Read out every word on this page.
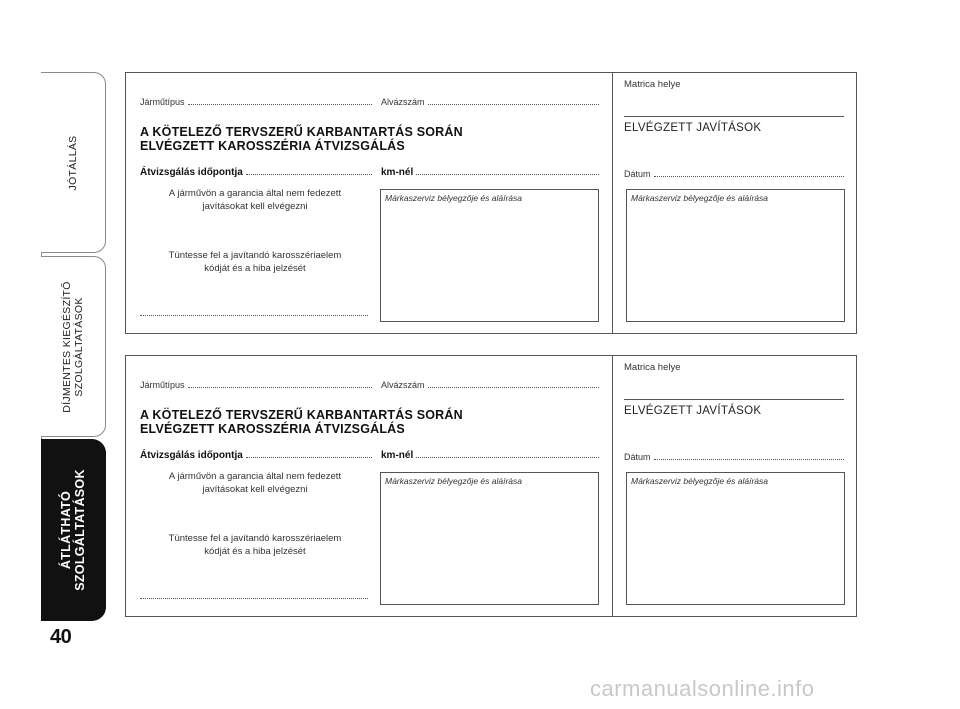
JÓTÁLLÁS
DÍJMENTES KIEGÉSZÍTŐ SZOLGÁLTATÁSOK
ÁTLÁTHATÓ SZOLGÁLTATÁSOK
40
Járműtípus	Alvázszám
A KÖTELEZŐ TERVSZERŰ KARBANTARTÁS SORÁN
ELVÉGZETT KAROSSZÉRIA ÁTVIZSGÁLÁS
Átvizsgálás időpontja	km-nél
A járművön a garancia által nem fedezett
javításokat kell elvégezni
Tüntesse fel a javítandó karosszériaelem
kódját és a hiba jelzését
Márkaszerviz bélyegzője és aláírása
Matrica helye
ELVÉGZETT JAVÍTÁSOK
Dátum
Márkaszerviz bélyegzője és aláírása
Járműtípus	Alvázszám
A KÖTELEZŐ TERVSZERŰ KARBANTARTÁS SORÁN
ELVÉGZETT KAROSSZÉRIA ÁTVIZSGÁLÁS
Átvizsgálás időpontja	km-nél
A járművön a garancia által nem fedezett
javításokat kell elvégezni
Tüntesse fel a javítandó karosszériaelem
kódját és a hiba jelzését
Márkaszerviz bélyegzője és aláírása
Matrica helye
ELVÉGZETT JAVÍTÁSOK
Dátum
Márkaszerviz bélyegzője és aláírása
carmanualsonline.info
